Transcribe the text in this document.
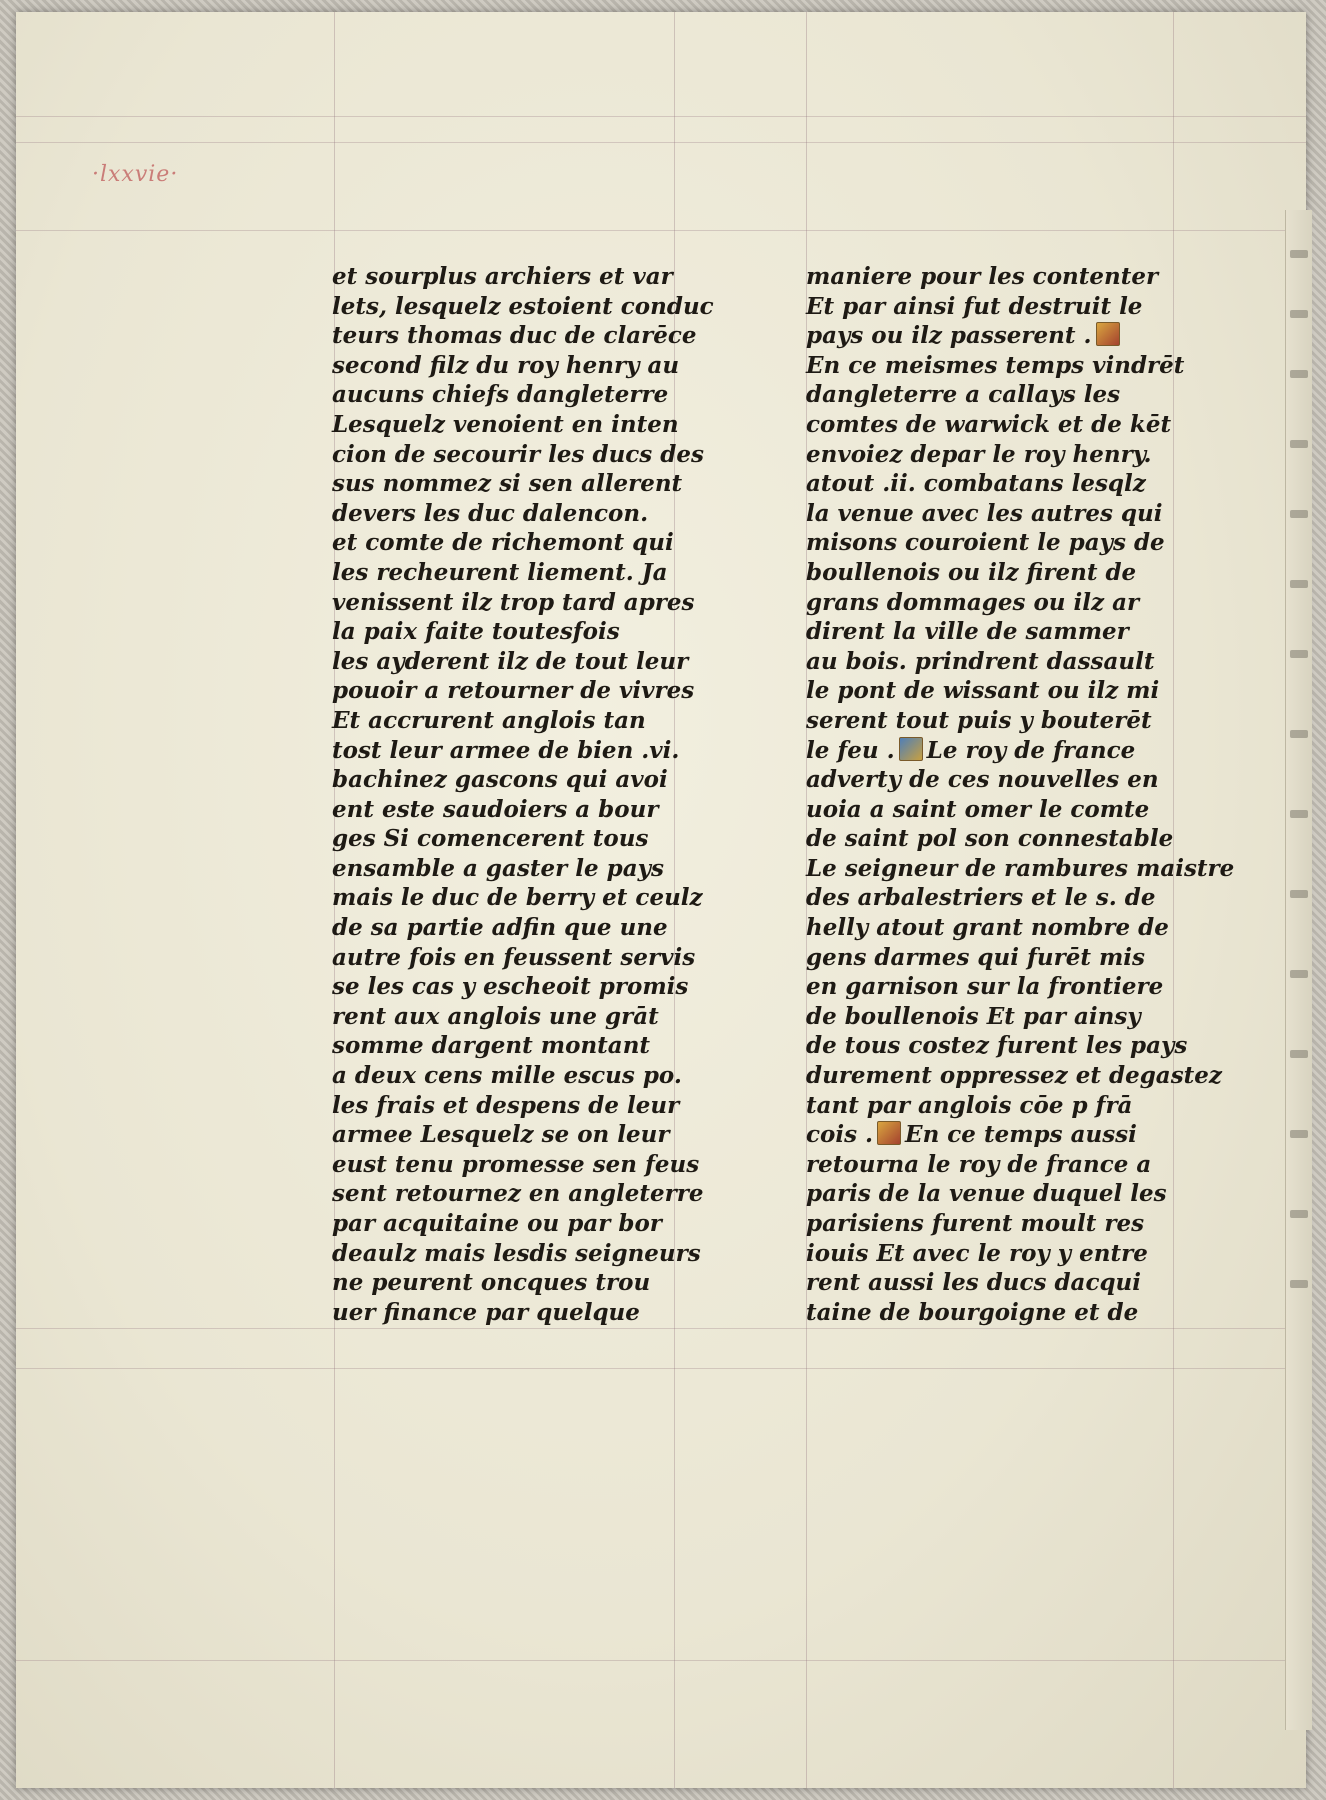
·lxxvie·
et sourplus archiers et var
lets, lesquelz estoient conduc
teurs thomas duc de clarēce
second filz du roy henry au
aucuns chiefs dangleterre
Lesquelz venoient en inten
cion de secourir les ducs des
sus nommez si sen allerent
devers les duc dalencon.
et comte de richemont qui
les recheurent liement. Ja
venissent ilz trop tard apres
la paix faite toutesfois
les ayderent ilz de tout leur
pouoir a retourner de vivres
Et accrurent anglois tan
tost leur armee de bien .vi.
bachinez gascons qui avoi
ent este saudoiers a bour
ges Si comencerent tous
ensamble a gaster le pays
mais le duc de berry et ceulz
de sa partie adfin que une
autre fois en feussent servis
se les cas y escheoit promis
rent aux anglois une grāt
somme dargent montant
a deux cens mille escus po.
les frais et despens de leur
armee Lesquelz se on leur
eust tenu promesse sen feus
sent retournez en angleterre
par acquitaine ou par bor
deaulz mais lesdis seigneurs
ne peurent oncques trou
uer finance par quelque
maniere pour les contenter
Et par ainsi fut destruit le
pays ou ilz passerent .
En ce meismes temps vindrēt
dangleterre a callays les
comtes de warwick et de kēt
envoiez depar le roy henry.
atout .ii. combatans lesqlz
la venue avec les autres qui
misons couroient le pays de
boullenois ou ilz firent de
grans dommages ou ilz ar
dirent la ville de sammer
au bois. prindrent dassault
le pont de wissant ou ilz mi
serent tout puis y bouterēt
le feu . Le roy de france
adverty de ces nouvelles en
uoia a saint omer le comte
de saint pol son connestable
Le seigneur de rambures maistre
des arbalestriers et le s. de
helly atout grant nombre de
gens darmes qui furēt mis
en garnison sur la frontiere
de boullenois Et par ainsy
de tous costez furent les pays
durement oppressez et degastez
tant par anglois cōe p frā
cois . En ce temps aussi
retourna le roy de france a
paris de la venue duquel les
parisiens furent moult res
iouis Et avec le roy y entre
rent aussi les ducs dacqui
taine de bourgoigne et de
